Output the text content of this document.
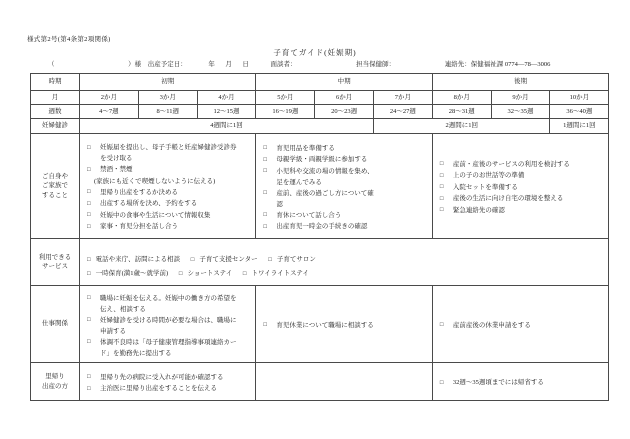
様式第2号(第4条第2項関係)
子育てガイド(妊娠期)
（	）様 出産予定日：	年　月　日	面談者：	担当保健師：	連絡先：保健福祉課 0774—78—3006
時期	初期			中期			後期		
月	2か月	3か月	4か月	5か月	6か月	7か月	8か月	9か月	10か月
週数	4〜7週	8〜11週	12〜15週	16〜19週	20〜23週	24〜27週	28〜31週	32〜35週	36〜40週
妊婦健診	4週間に1回					2週間に1回			1週間に1回

ご自身や
ご家族で
すること

□	妊娠届を提出し、母子手帳と妊産婦健診受診券を受け取る
□	禁酒・禁煙
(家族にも近くで喫煙しないように伝える)
□	里帰り出産をするか決める
□	出産する場所を決め、予約をする
□	妊娠中の食事や生活について情報収集
□	家事・育児分担を話し合う

□	育児用品を準備する
□	母親学級・両親学級に参加する
□	小児科や交流の場の情報を集め、足を運んでみる
□	産前、産後の過ごし方について確認
□	育休について話し合う
□	出産育児一時金の手続きの確認

□	産前・産後のサービスの利用を検討する
□	上の子のお世話等の準備
□	入院セットを準備する
□	産後の生活に向け自宅の環境を整える
□	緊急連絡先の確認

利用できる
サービス

□ 電話や来庁、訪問による相談 □ 子育て支援センター □ 子育てサロン
□ 一時保育(満1歳〜就学前) □ ショートステイ □ トワイライトステイ

仕事関係	
□	職場に妊娠を伝える。妊娠中の働き方の希望を伝え、相談する
□	妊婦健診を受ける時間が必要な場合は、職場に申請する
□	体調不良時は「母子健康管理指導事項連絡カード」を勤務先に提出する

□	育児休業について職場に相談する	□	産前産後の休業申請をする

里帰り
出産の方

□	里帰り先の病院に受入れが可能か確認する
□	主治医に里帰り出産をすることを伝える

□	32週〜35週頃までには帰省する
